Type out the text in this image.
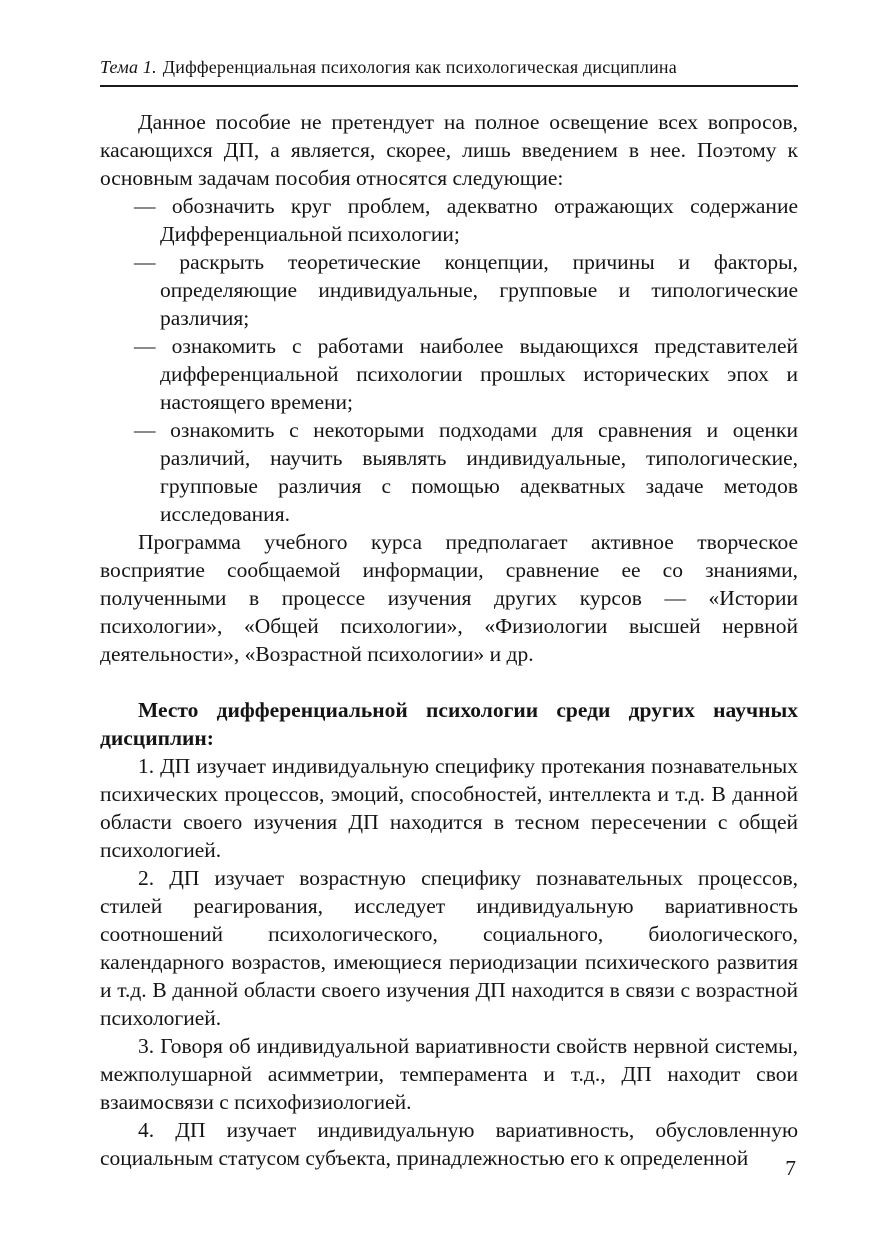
Тема 1. Дифференциальная психология как психологическая дисциплина

Данное пособие не претендует на полное освещение всех вопросов, касающихся ДП, а является, скорее, лишь введением в нее. Поэтому к основным задачам пособия относятся следующие:

— обозначить круг проблем, адекватно отражающих содержание Дифференциальной психологии;

— раскрыть теоретические концепции, причины и факторы, определяющие индивидуальные, групповые и типологические различия;

— ознакомить с работами наиболее выдающихся представителей дифференциальной психологии прошлых исторических эпох и настоящего времени;

— ознакомить с некоторыми подходами для сравнения и оценки различий, научить выявлять индивидуальные, типологические, групповые различия с помощью адекватных задаче методов исследования.

Программа учебного курса предполагает активное творческое восприятие сообщаемой информации, сравнение ее со знаниями, полученными в процессе изучения других курсов — «Истории психологии», «Общей психологии», «Физиологии высшей нервной деятельности», «Возрастной психологии» и др.

Место дифференциальной психологии среди других научных дисциплин:

1. ДП изучает индивидуальную специфику протекания познавательных психических процессов, эмоций, способностей, интеллекта и т.д. В данной области своего изучения ДП находится в тесном пересечении с общей психологией.

2. ДП изучает возрастную специфику познавательных процессов, стилей реагирования, исследует индивидуальную вариативность соотношений психологического, социального, биологического, календарного возрастов, имеющиеся периодизации психического развития и т.д. В данной области своего изучения ДП находится в связи с возрастной психологией.

3. Говоря об индивидуальной вариативности свойств нервной системы, межполушарной асимметрии, темперамента и т.д., ДП находит свои взаимосвязи с психофизиологией.

4. ДП изучает индивидуальную вариативность, обусловленную социальным статусом субъекта, принадлежностью его к определенной	7
